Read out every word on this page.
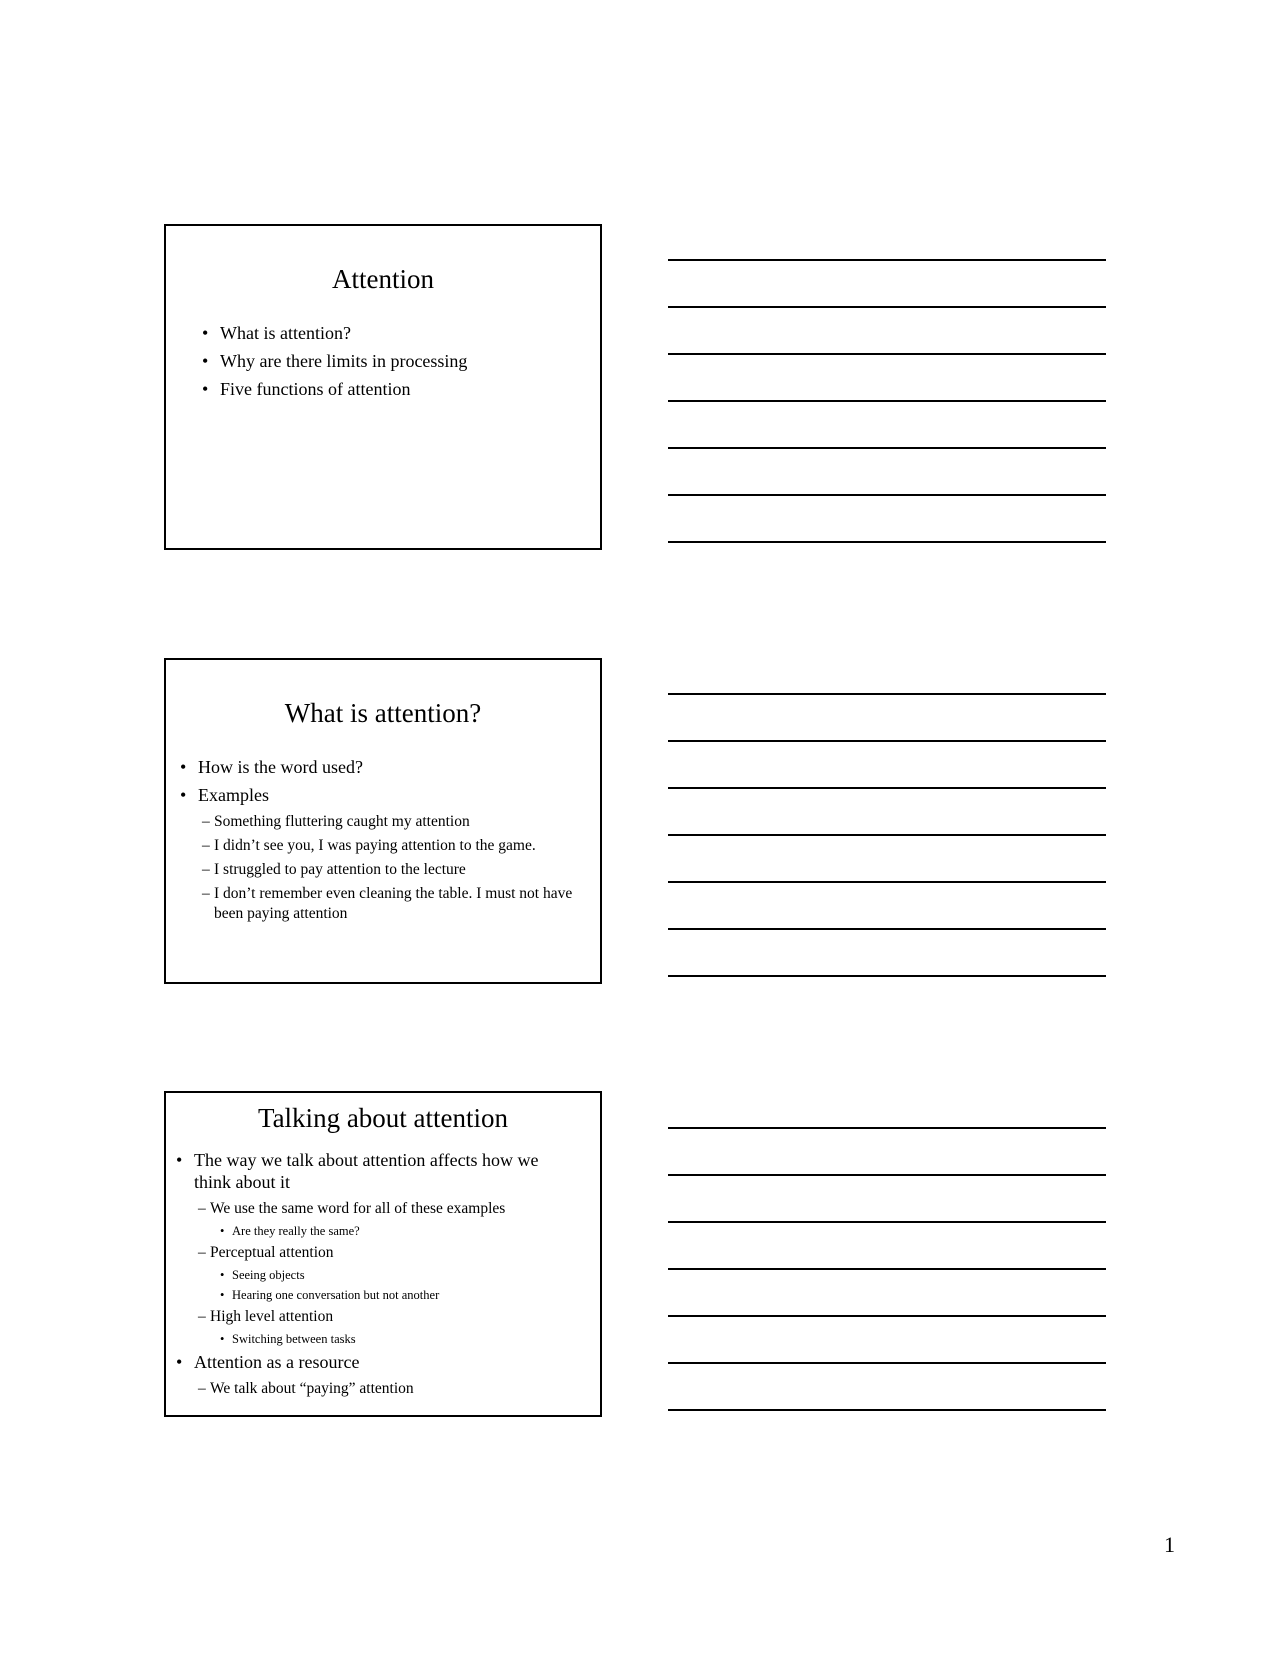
Attention
• What is attention?
• Why are there limits in processing
• Five functions of attention
What is attention?
• How is the word used?
• Examples
– Something fluttering caught my attention
– I didn’t see you, I was paying attention to the game.
– I struggled to pay attention to the lecture
– I don’t remember even cleaning the table. I must not have been paying attention
Talking about attention
• The way we talk about attention affects how we think about it
– We use the same word for all of these examples
• Are they really the same?
– Perceptual attention
• Seeing objects
• Hearing one conversation but not another
– High level attention
• Switching between tasks
• Attention as a resource
– We talk about “paying” attention
1
